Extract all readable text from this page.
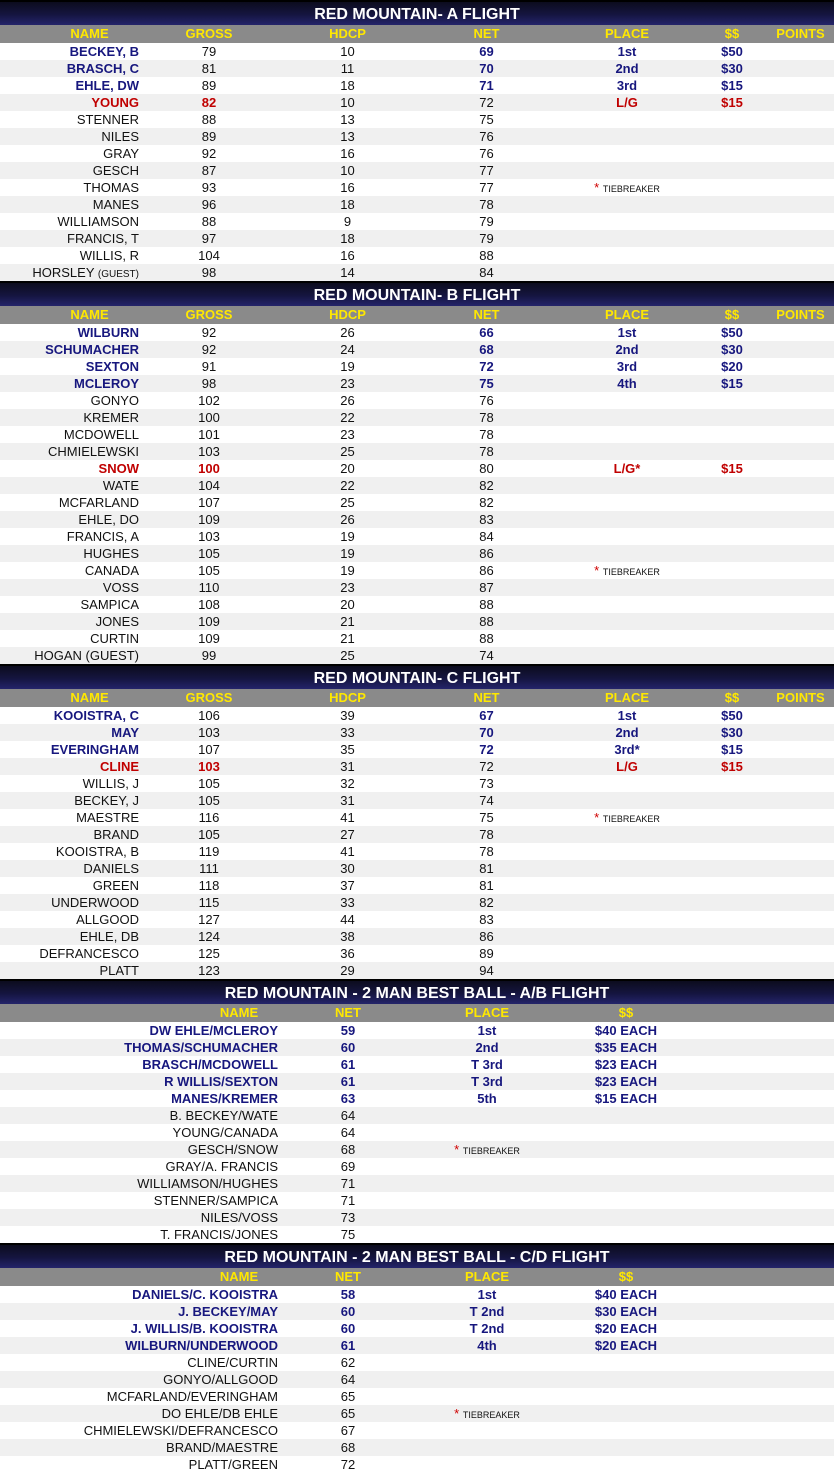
RED MOUNTAIN- A FLIGHT
NAME	GROSS	HDCP	NET	PLACE	$$	POINTS
BECKEY, B	79	10	69	1st	$50
BRASCH, C	81	11	70	2nd	$30
EHLE, DW	89	18	71	3rd	$15
YOUNG	82	10	72	L/G	$15
STENNER	88	13	75
NILES	89	13	76
GRAY	92	16	76
GESCH	87	10	77
THOMAS	93	16	77	* TIEBREAKER
MANES	96	18	78
WILLIAMSON	88	9	79
FRANCIS, T	97	18	79
WILLIS, R	104	16	88
HORSLEY (GUEST)	98	14	84
RED MOUNTAIN- B FLIGHT
NAME	GROSS	HDCP	NET	PLACE	$$	POINTS
WILBURN	92	26	66	1st	$50
SCHUMACHER	92	24	68	2nd	$30
SEXTON	91	19	72	3rd	$20
MCLEROY	98	23	75	4th	$15
GONYO	102	26	76
KREMER	100	22	78
MCDOWELL	101	23	78
CHMIELEWSKI	103	25	78
SNOW	100	20	80	L/G*	$15
WATE	104	22	82
MCFARLAND	107	25	82
EHLE, DO	109	26	83
FRANCIS, A	103	19	84
HUGHES	105	19	86
CANADA	105	19	86	* TIEBREAKER
VOSS	110	23	87
SAMPICA	108	20	88
JONES	109	21	88
CURTIN	109	21	88
HOGAN (GUEST)	99	25	74
RED MOUNTAIN- C FLIGHT
NAME	GROSS	HDCP	NET	PLACE	$$	POINTS
KOOISTRA, C	106	39	67	1st	$50
MAY	103	33	70	2nd	$30
EVERINGHAM	107	35	72	3rd*	$15
CLINE	103	31	72	L/G	$15
WILLIS, J	105	32	73
BECKEY, J	105	31	74
MAESTRE	116	41	75	* TIEBREAKER
BRAND	105	27	78
KOOISTRA, B	119	41	78
DANIELS	111	30	81
GREEN	118	37	81
UNDERWOOD	115	33	82
ALLGOOD	127	44	83
EHLE, DB	124	38	86
DEFRANCESCO	125	36	89
PLATT	123	29	94
RED MOUNTAIN - 2 MAN BEST BALL - A/B FLIGHT
NAME	NET	PLACE	$$
DW EHLE/MCLEROY	59	1st	$40 EACH
THOMAS/SCHUMACHER	60	2nd	$35 EACH
BRASCH/MCDOWELL	61	T 3rd	$23 EACH
R WILLIS/SEXTON	61	T 3rd	$23 EACH
MANES/KREMER	63	5th	$15 EACH
B. BECKEY/WATE	64
YOUNG/CANADA	64
GESCH/SNOW	68	* TIEBREAKER
GRAY/A. FRANCIS	69
WILLIAMSON/HUGHES	71
STENNER/SAMPICA	71
NILES/VOSS	73
T. FRANCIS/JONES	75
RED MOUNTAIN - 2 MAN BEST BALL - C/D FLIGHT
NAME	NET	PLACE	$$
DANIELS/C. KOOISTRA	58	1st	$40 EACH
J. BECKEY/MAY	60	T 2nd	$30 EACH
J. WILLIS/B. KOOISTRA	60	T 2nd	$20 EACH
WILBURN/UNDERWOOD	61	4th	$20 EACH
CLINE/CURTIN	62
GONYO/ALLGOOD	64
MCFARLAND/EVERINGHAM	65
DO EHLE/DB EHLE	65	* TIEBREAKER
CHMIELEWSKI/DEFRANCESCO	67
BRAND/MAESTRE	68
PLATT/GREEN	72
